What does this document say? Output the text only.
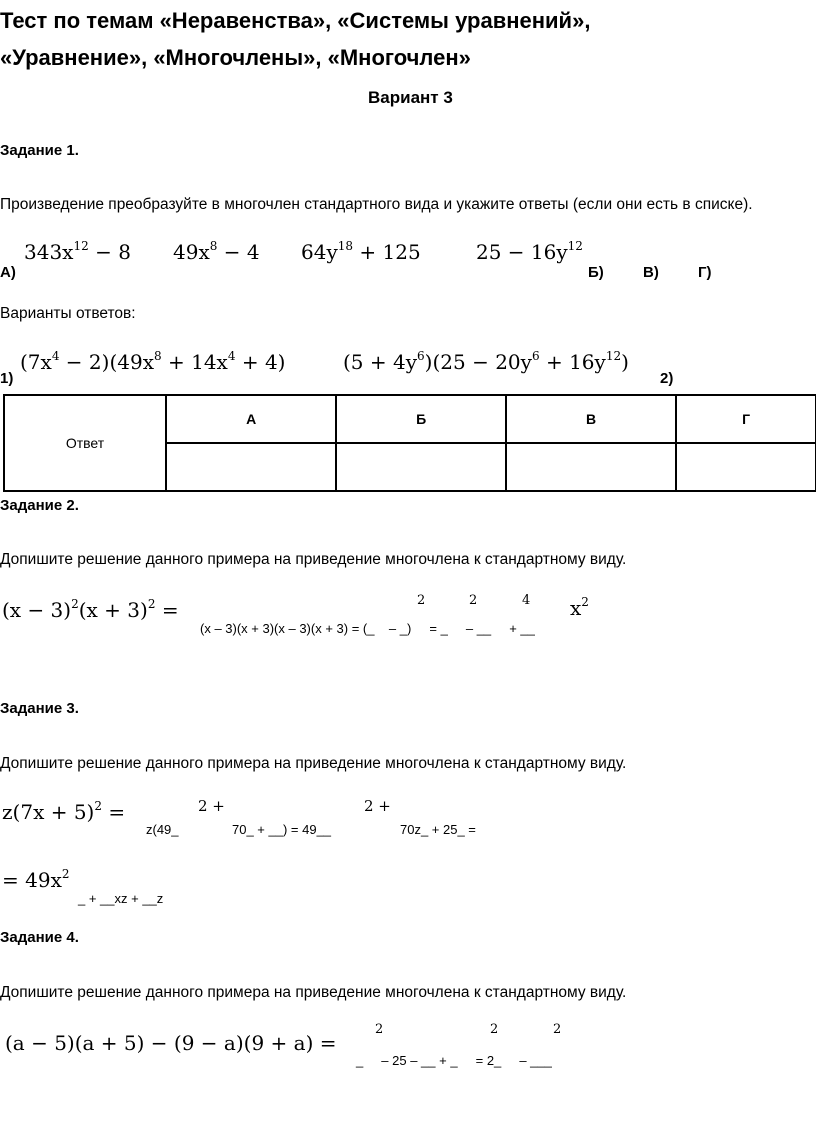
Тест по темам «Неравенства», «Системы уравнений»,
«Уравнение», «Многочлены», «Многочлен»
Вариант 3
Задание 1.
Произведение преобразуйте в многочлен стандартного вида и укажите ответы (если они есть в списке).
$343x^{12} - 8$ $49x^8 - 4$ $64y^{18} + 125$	$25 - 16y^{12}$
А)	Б)	В)	Г)
Варианты ответов:
$(7x^4 - 2)(49x^8 + 14x^4 + 4)$	$(5 + 4y^6)(25 - 20y^6 + 16y^{12})$
1)	2)
Ответ	А	Б	В	Г

Задание 2.
Допишите решение данного примера на приведение многочлена к стандартному виду.
$(x - 3)^2(x + 3)^2$ =	2	2	4 $x^2$
(x – 3)(x + 3)(x – 3)(x + 3) = (_    – _)     = _     – __     + __
Задание 3.
Допишите решение данного примера на приведение многочлена к стандартному виду.
$z(7x + 5)^2$ =
z(49_
2 +
70_ + __) = 49__
2 +
70z_ + 25_ =
= $49x^2$
_ + __xz + __z
Задание 4.
Допишите решение данного примера на приведение многочлена к стандартному виду.
(a − 5)(a + 5) − (9 − a)(9 + a) =
2	2	2
_     – 25 – __ + _     = 2_     – ___
